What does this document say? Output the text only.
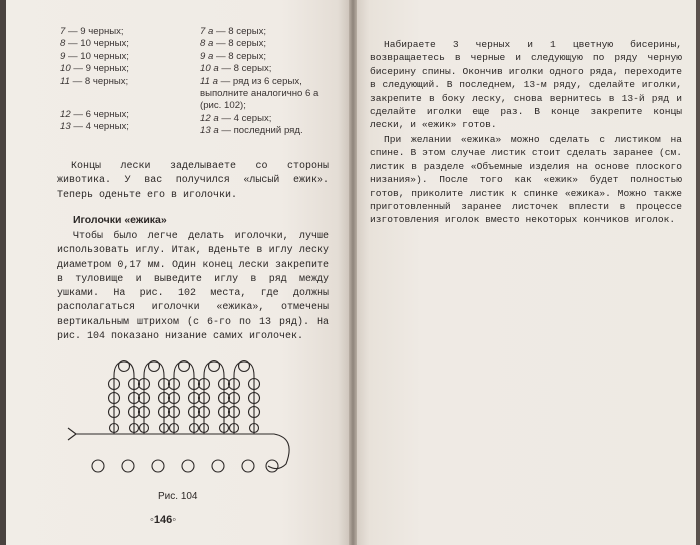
7 — 9 черных;
8 — 10 черных;
9 — 10 черных;
10 — 9 черных;
11 — 8 черных;
12 — 6 черных;
13 — 4 черных;
7 а — 8 серых;
8 а — 8 серых;
9 а — 8 серых;
10 а — 8 серых;
11 а — ряд из 6 серых,
выполните аналогично 6 а
(рис. 102);
12 а — 4 серых;
13 а — последний ряд.

Концы лески заделываете со стороны животика. У вас получился «лысый ежик». Теперь оденьте его в иголочки.

Иголочки «ежика»

Чтобы было легче делать иголочки, лучше использовать иглу. Итак, вденьте в иглу леску диаметром 0,17 мм. Один конец лески закрепите в туловище и выведите иглу в ряд между ушками. На рис. 102 места, где должны располагаться иголочки «ежика», отмечены вертикальным штрихом (с 6-го по 13 ряд). На рис. 104 показано низание самих иголочек.

Рис. 104
◦146◦

Набираете 3 черных и 1 цветную бисерины, возвращаетесь в черные и следующую по ряду черную бисерину спины. Окончив иголки одного ряда, переходите в следующий. В последнем, 13-м ряду, сделайте иголки, закрепите в боку леску, снова вернитесь в 13-й ряд и сделайте иголки еще раз. В конце закрепите концы лески, и «ежик» готов.

При желании «ежика» можно сделать с листиком на спине. В этом случае листик стоит сделать заранее (см. листик в разделе «Объемные изделия на основе плоского низания»). После того как «ежик» будет полностью готов, приколите листик к спинке «ежика». Можно также приготовленный заранее листочек вплести в процессе изготовления иголок вместо некоторых кончиков иголок.
